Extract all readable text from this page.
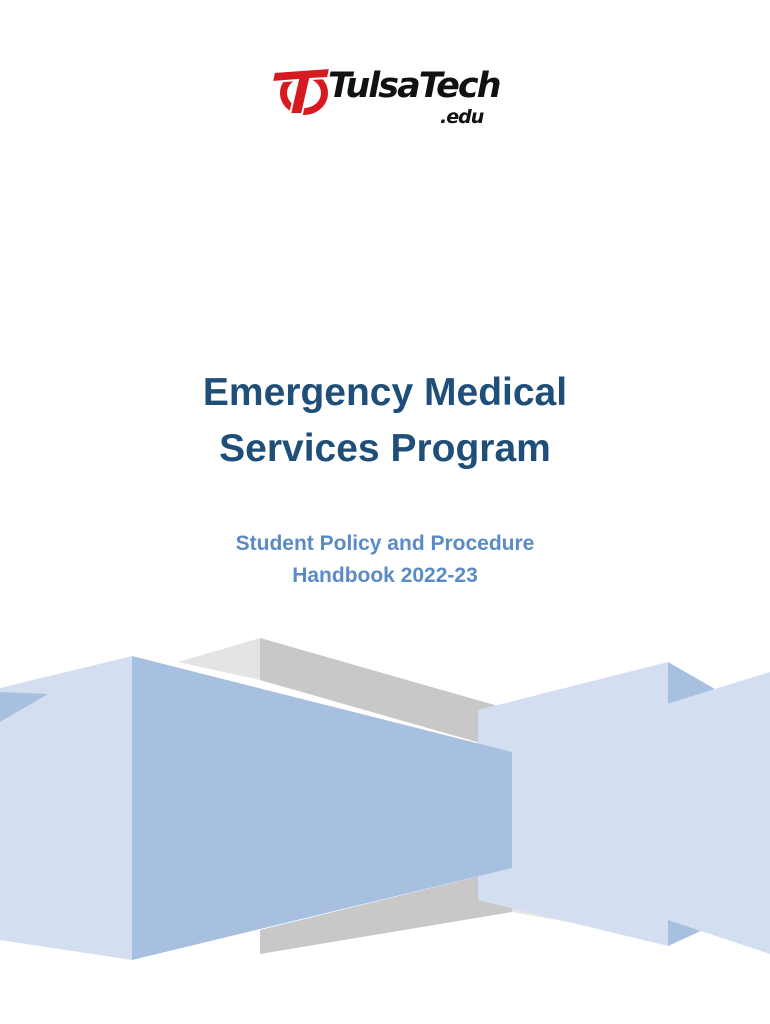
TulsaTech
.edu
Emergency Medical
Services Program
Student Policy and Procedure
Handbook 2022-23
